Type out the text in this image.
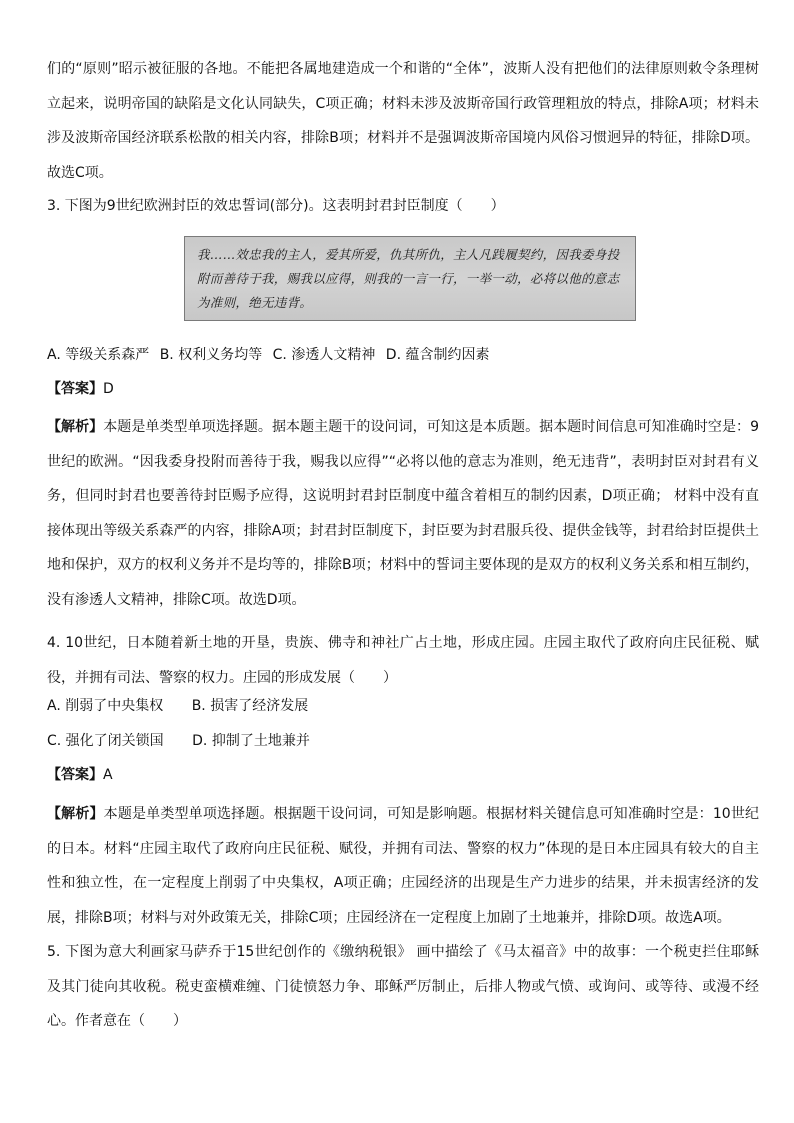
们的“原则”昭示被征服的各地。不能把各属地建造成一个和谐的“全体”，波斯人没有把他们的法律原则敕令条理树立起来，说明帝国的缺陷是文化认同缺失，C项正确；材料未涉及波斯帝国行政管理粗放的特点，排除A项；材料未涉及波斯帝国经济联系松散的相关内容，排除B项；材料并不是强调波斯帝国境内风俗习惯迥异的特征，排除D项。故选C项。

3. 下图为9世纪欧洲封臣的效忠誓词(部分)。这表明封君封臣制度（　　）

我……效忠我的主人，爱其所爱，仇其所仇，主人凡践履契约，因我委身投附而善待于我，赐我以应得，则我的一言一行，一举一动，必将以他的意志为准则，绝无违背。
A. 等级关系森严 B. 权利义务均等 C. 渗透人文精神 D. 蕴含制约因素
【答案】D

【解析】本题是单类型单项选择题。据本题主题干的设问词，可知这是本质题。据本题时间信息可知准确时空是：9世纪的欧洲。“因我委身投附而善待于我，赐我以应得”“必将以他的意志为准则，绝无违背”，表明封臣对封君有义务，但同时封君也要善待封臣赐予应得，这说明封君封臣制度中蕴含着相互的制约因素，D项正确； 材料中没有直接体现出等级关系森严的内容，排除A项；封君封臣制度下，封臣要为封君服兵役、提供金钱等，封君给封臣提供土地和保护，双方的权利义务并不是均等的，排除B项；材料中的誓词主要体现的是双方的权利义务关系和相互制约，没有渗透人文精神，排除C项。故选D项。

4. 10世纪，日本随着新土地的开垦，贵族、佛寺和神社广占土地，形成庄园。庄园主取代了政府向庄民征税、赋役，并拥有司法、警察的权力。庄园的形成发展（　　）

A. 削弱了中央集权 B. 损害了经济发展
C. 强化了闭关锁国 D. 抑制了土地兼并
【答案】A

【解析】本题是单类型单项选择题。根据题干设问词，可知是影响题。根据材料关键信息可知准确时空是：10世纪的日本。材料“庄园主取代了政府向庄民征税、赋役，并拥有司法、警察的权力”体现的是日本庄园具有较大的自主性和独立性，在一定程度上削弱了中央集权，A项正确；庄园经济的出现是生产力进步的结果，并未损害经济的发展，排除B项；材料与对外政策无关，排除C项；庄园经济在一定程度上加剧了土地兼并，排除D项。故选A项。

5. 下图为意大利画家马萨乔于15世纪创作的《缴纳税银》 画中描绘了《马太福音》中的故事：一个税吏拦住耶稣及其门徒向其收税。税吏蛮横难缠、门徒愤怒力争、耶稣严厉制止，后排人物或气愤、或询问、或等待、或漫不经心。作者意在（　　）
